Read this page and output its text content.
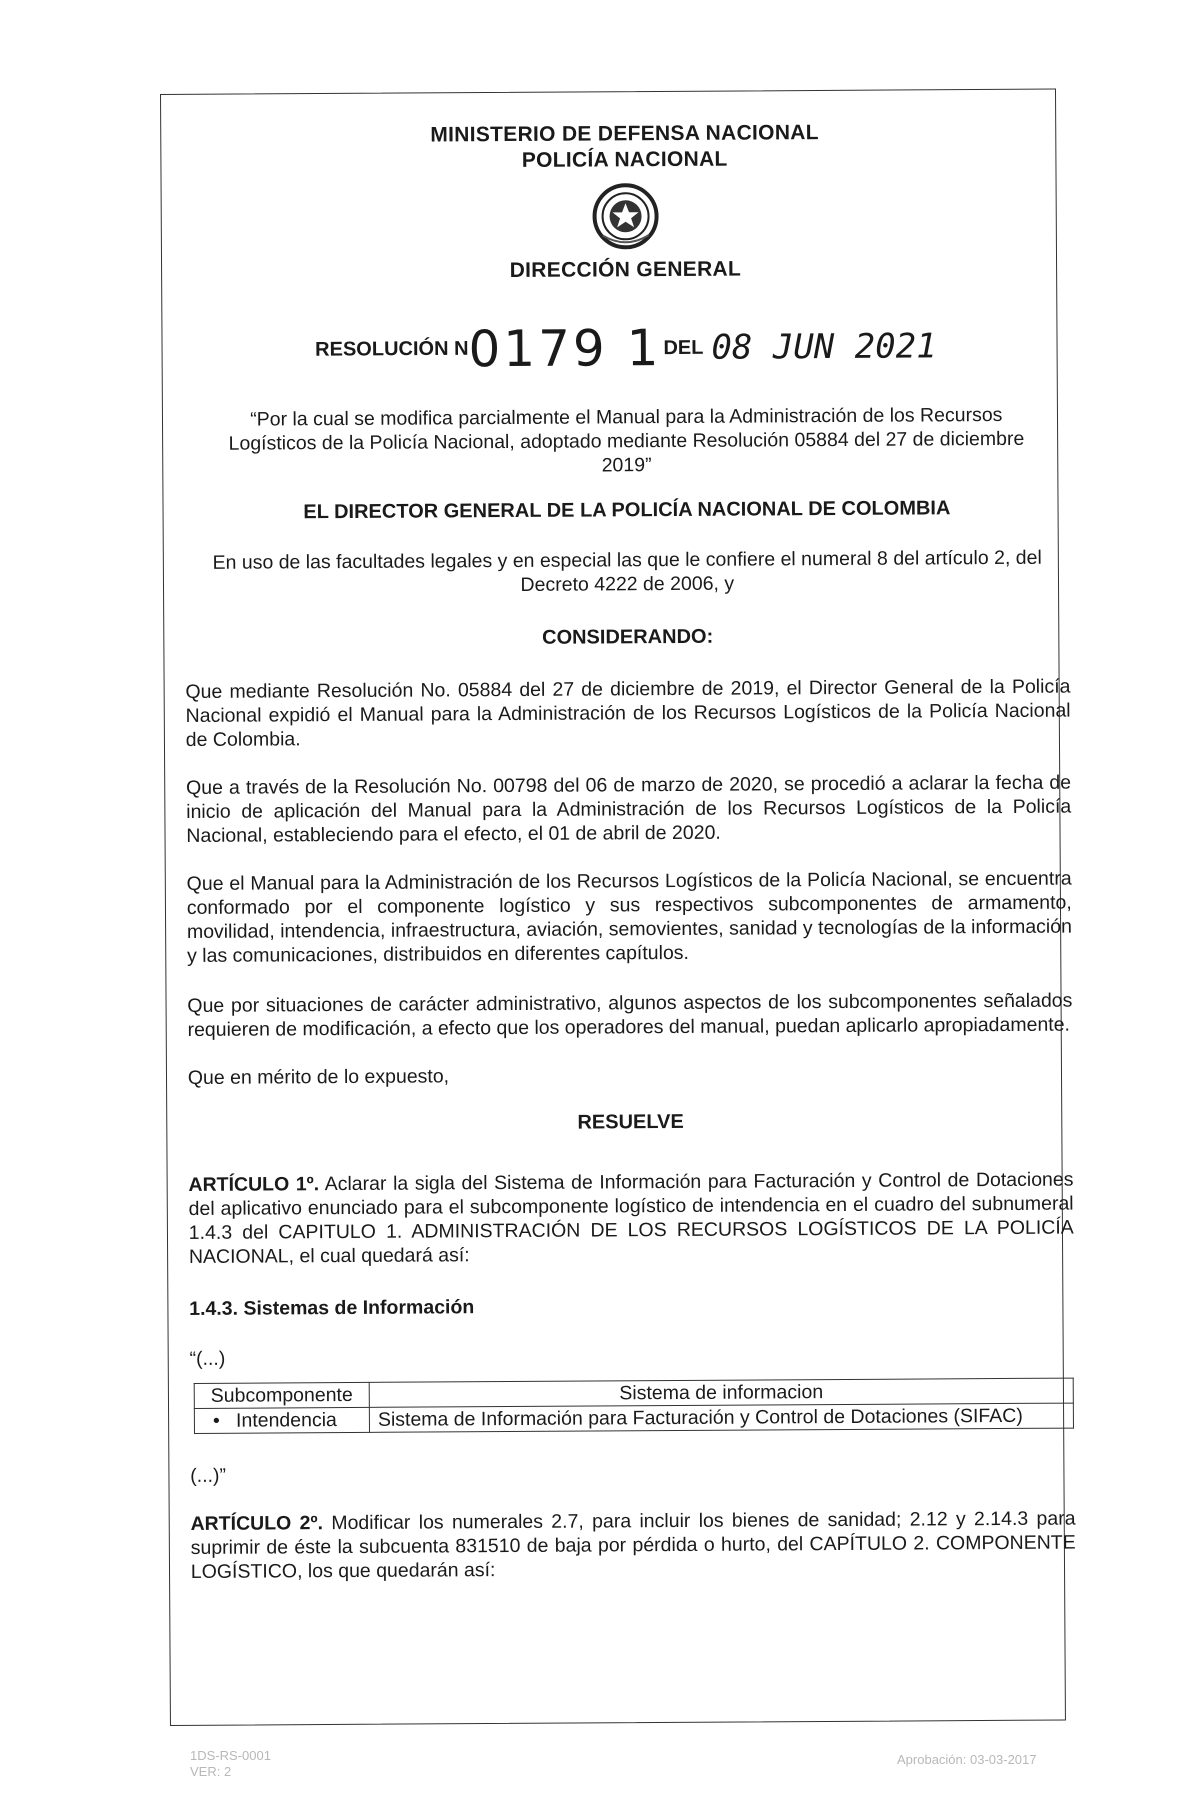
MINISTERIO DE DEFENSA NACIONAL
POLICÍA NACIONAL
DIRECCIÓN GENERAL
RESOLUCIÓN N0179 1DEL 08 JUN 2021

“Por la cual se modifica parcialmente el Manual para la Administración de los Recursos Logísticos de la Policía Nacional, adoptado mediante Resolución 05884 del 27 de diciembre 2019”

EL DIRECTOR GENERAL DE LA POLICÍA NACIONAL DE COLOMBIA

En uso de las facultades legales y en especial las que le confiere el numeral 8 del artículo 2, del Decreto 4222 de 2006, y

CONSIDERANDO:

Que mediante Resolución No. 05884 del 27 de diciembre de 2019, el Director General de la Policía Nacional expidió el Manual para la Administración de los Recursos Logísticos de la Policía Nacional de Colombia.

Que a través de la Resolución No. 00798 del 06 de marzo de 2020, se procedió a aclarar la fecha de inicio de aplicación del Manual para la Administración de los Recursos Logísticos de la Policía Nacional, estableciendo para el efecto, el 01 de abril de 2020.

Que el Manual para la Administración de los Recursos Logísticos de la Policía Nacional, se encuentra conformado por el componente logístico y sus respectivos subcomponentes de armamento, movilidad, intendencia, infraestructura, aviación, semovientes, sanidad y tecnologías de la información y las comunicaciones, distribuidos en diferentes capítulos.

Que por situaciones de carácter administrativo, algunos aspectos de los subcomponentes señalados requieren de modificación, a efecto que los operadores del manual, puedan aplicarlo apropiadamente.

Que en mérito de lo expuesto,

RESUELVE

ARTÍCULO 1º. Aclarar la sigla del Sistema de Información para Facturación y Control de Dotaciones del aplicativo enunciado para el subcomponente logístico de intendencia en el cuadro del subnumeral 1.4.3 del CAPITULO 1. ADMINISTRACIÓN DE LOS RECURSOS LOGÍSTICOS DE LA POLICÍA NACIONAL, el cual quedará así:

1.4.3. Sistemas de Información

“(...)

Subcomponente	Sistema de informacion
•   Intendencia	Sistema de Información para Facturación y Control de Dotaciones (SIFAC)

(...)”

ARTÍCULO 2º. Modificar los numerales 2.7, para incluir los bienes de sanidad; 2.12 y 2.14.3 para suprimir de éste la subcuenta 831510 de baja por pérdida o hurto, del CAPÍTULO 2. COMPONENTE LOGÍSTICO, los que quedarán así:

1DS-RS-0001
VER: 2
Aprobación: 03-03-2017
